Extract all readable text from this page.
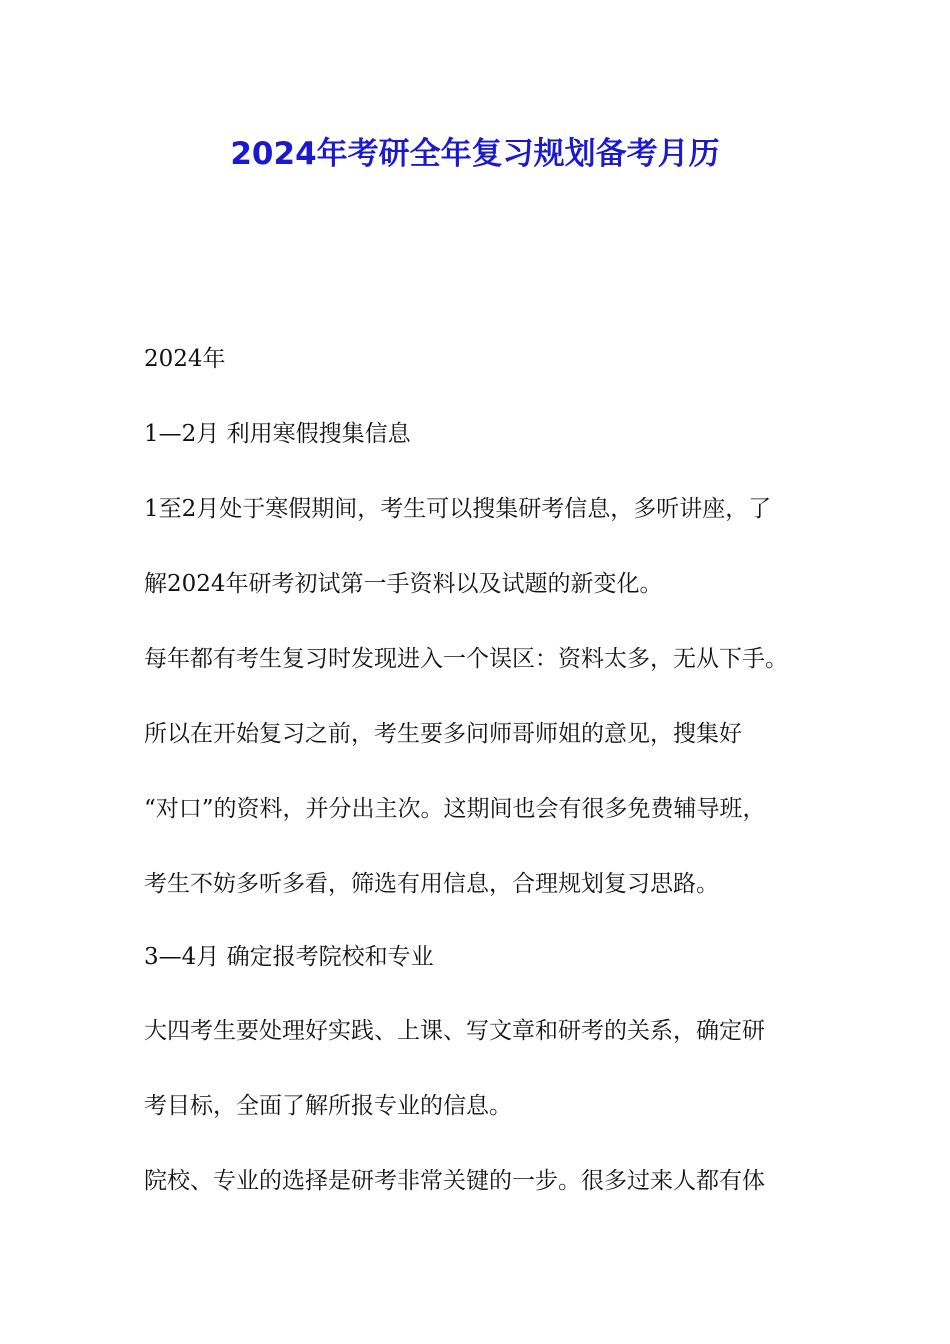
2024年考研全年复习规划备考月历

2024年

1—2月 利用寒假搜集信息

1至2月处于寒假期间，考生可以搜集研考信息，多听讲座，了

解2024年研考初试第一手资料以及试题的新变化。

每年都有考生复习时发现进入一个误区：资料太多，无从下手。

所以在开始复习之前，考生要多问师哥师姐的意见，搜集好

“对口”的资料，并分出主次。这期间也会有很多免费辅导班，

考生不妨多听多看，筛选有用信息，合理规划复习思路。

3—4月 确定报考院校和专业

大四考生要处理好实践、上课、写文章和研考的关系，确定研

考目标，全面了解所报专业的信息。

院校、专业的选择是研考非常关键的一步。很多过来人都有体
